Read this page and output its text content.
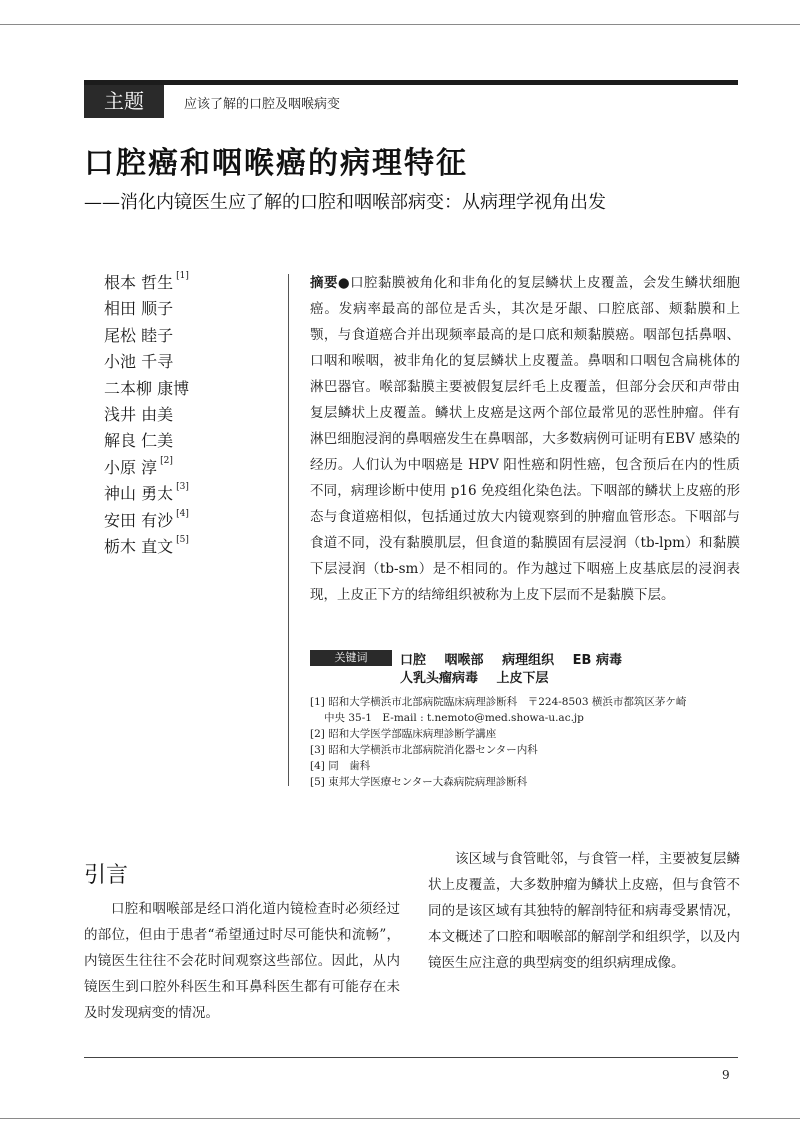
主题	应该了解的口腔及咽喉病变
口腔癌和咽喉癌的病理特征
——消化内镜医生应了解的口腔和咽喉部病变：从病理学视角出发
根本 哲生 [1]
相田 顺子
尾松 睦子
小池 千寻
二本柳 康博
浅井 由美
解良 仁美
小原 淳 [2]
神山 勇太 [3]
安田 有沙 [4]
栃木 直文 [5]
摘要●口腔黏膜被角化和非角化的复层鳞状上皮覆盖，会发生鳞状细胞癌。发病率最高的部位是舌头，其次是牙龈、口腔底部、颊黏膜和上颚，与食道癌合并出现频率最高的是口底和颊黏膜癌。咽部包括鼻咽、口咽和喉咽，被非角化的复层鳞状上皮覆盖。鼻咽和口咽包含扁桃体的淋巴器官。喉部黏膜主要被假复层纤毛上皮覆盖，但部分会厌和声带由复层鳞状上皮覆盖。鳞状上皮癌是这两个部位最常见的恶性肿瘤。伴有淋巴细胞浸润的鼻咽癌发生在鼻咽部，大多数病例可证明有EBV 感染的经历。人们认为中咽癌是 HPV 阳性癌和阴性癌，包含预后在内的性质不同，病理诊断中使用 p16 免疫组化染色法。下咽部的鳞状上皮癌的形态与食道癌相似，包括通过放大内镜观察到的肿瘤血管形态。下咽部与食道不同，没有黏膜肌层，但食道的黏膜固有层浸润（tb-lpm）和黏膜下层浸润（tb-sm）是不相同的。作为越过下咽癌上皮基底层的浸润表现，上皮正下方的结缔组织被称为上皮下层而不是黏膜下层。
关键词	口腔 咽喉部 病理组织 EB 病毒
人乳头瘤病毒 上皮下层
[1] 昭和大学横浜市北部病院臨床病理診断科　〒224-8503 横浜市都筑区茅ケ崎
中央 35-1　E-mail : t.nemoto@med.showa-u.ac.jp
[2] 昭和大学医学部臨床病理診断学講座
[3] 昭和大学横浜市北部病院消化器センター内科
[4] 同　歯科
[5] 東邦大学医療センター大森病院病理診断科
引言

口腔和咽喉部是经口消化道内镜检查时必须经过的部位，但由于患者“希望通过时尽可能快和流畅”，内镜医生往往不会花时间观察这些部位。因此，从内镜医生到口腔外科医生和耳鼻科医生都有可能存在未及时发现病变的情况。

该区域与食管毗邻，与食管一样，主要被复层鳞状上皮覆盖，大多数肿瘤为鳞状上皮癌，但与食管不同的是该区域有其独特的解剖特征和病毒受累情况，本文概述了口腔和咽喉部的解剖学和组织学，以及内镜医生应注意的典型病变的组织病理成像。

9
